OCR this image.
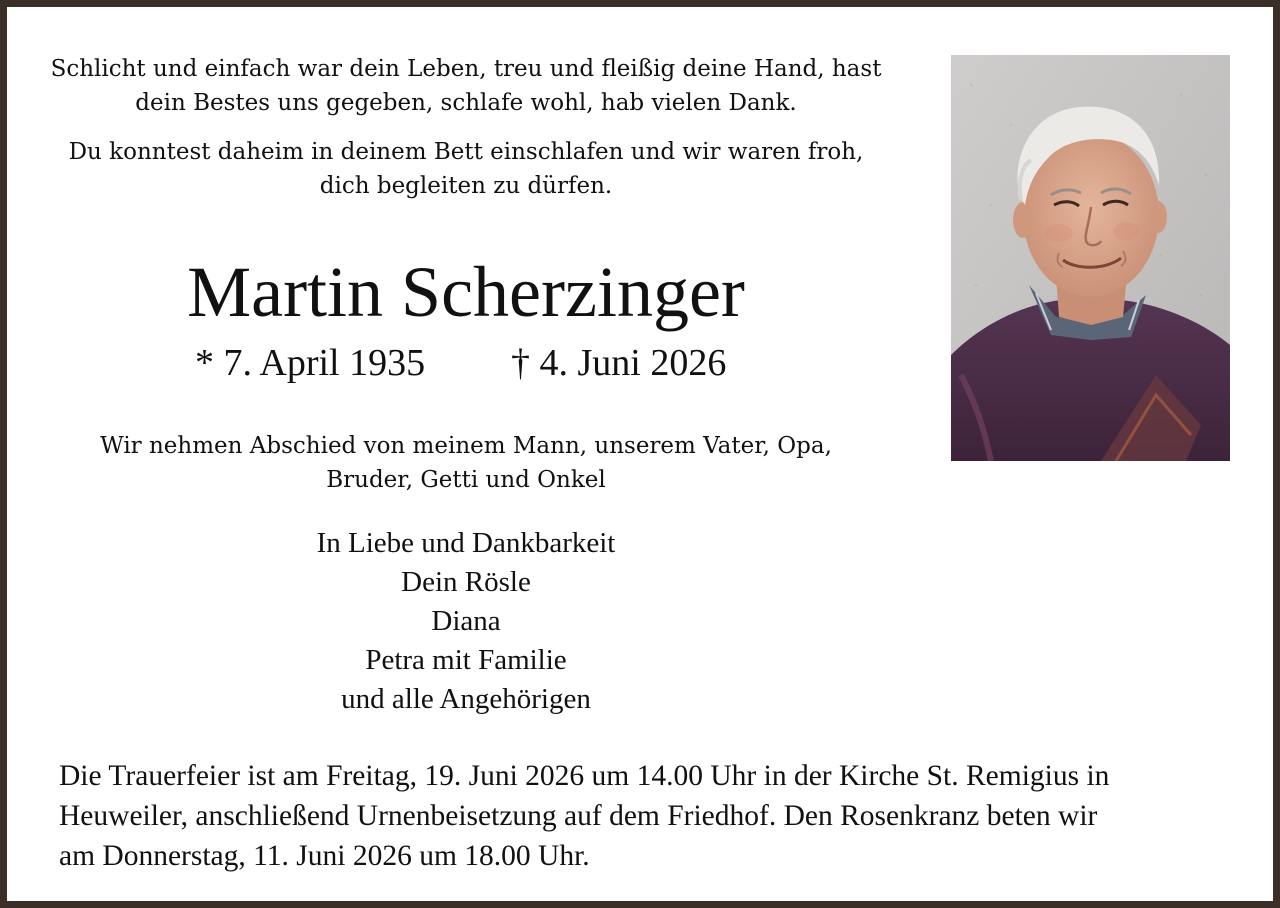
Schlicht und einfach war dein Leben, treu und fleißig deine Hand, hast
dein Bestes uns gegeben, schlafe wohl, hab vielen Dank.

Du konntest daheim in deinem Bett einschlafen und wir waren froh,
dich begleiten zu dürfen.

Martin Scherzinger
* 7. April 1935 † 4. Juni 2026

Wir nehmen Abschied von meinem Mann, unserem Vater, Opa,
Bruder, Getti und Onkel

In Liebe und Dankbarkeit
Dein Rösle
Diana
Petra mit Familie
und alle Angehörigen

Die Trauerfeier ist am Freitag, 19. Juni 2026 um 14.00 Uhr in der Kirche St. Remigius in
Heuweiler, anschließend Urnenbeisetzung auf dem Friedhof. Den Rosenkranz beten wir
am Donnerstag, 11. Juni 2026 um 18.00 Uhr.
